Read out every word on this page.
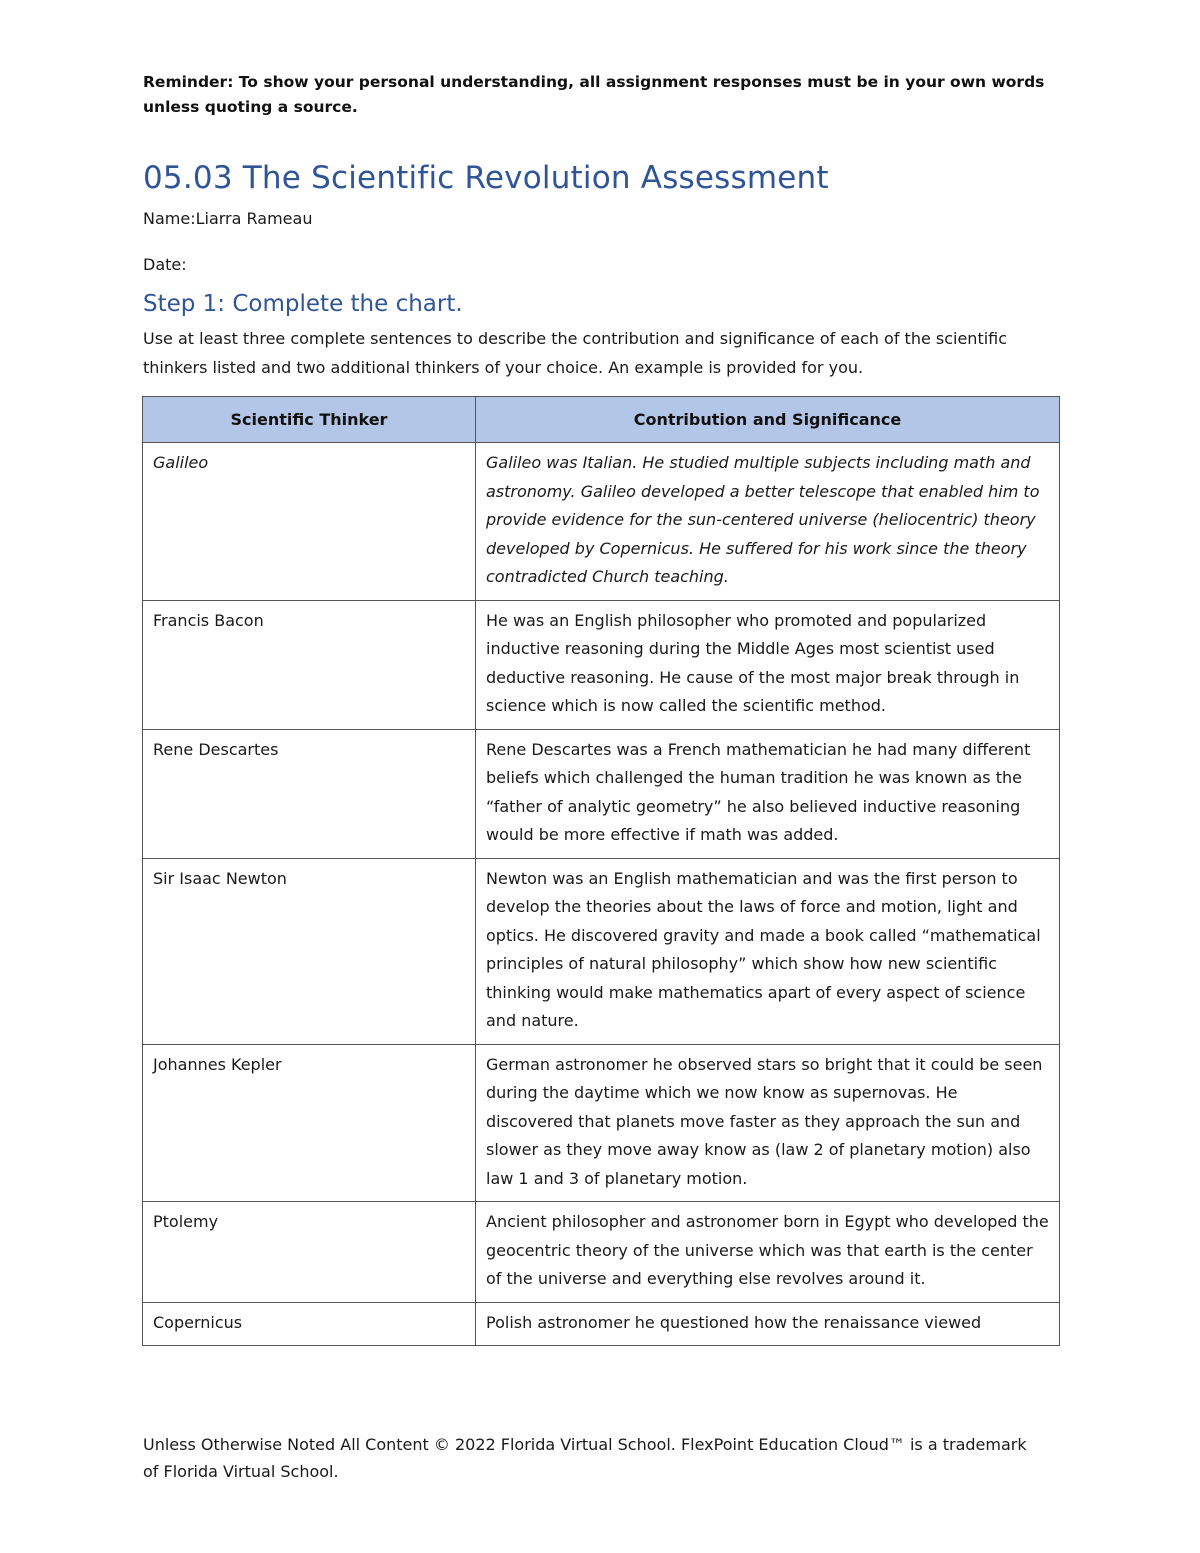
Reminder: To show your personal understanding, all assignment responses must be in your own words unless quoting a source.
05.03 The Scientific Revolution Assessment
Name:Liarra Rameau
Date:
Step 1: Complete the chart.
Use at least three complete sentences to describe the contribution and significance of each of the scientific thinkers listed and two additional thinkers of your choice. An example is provided for you.
Scientific Thinker	Contribution and Significance
Galileo	Galileo was Italian. He studied multiple subjects including math and astronomy. Galileo developed a better telescope that enabled him to provide evidence for the sun-centered universe (heliocentric) theory developed by Copernicus. He suffered for his work since the theory contradicted Church teaching.
Francis Bacon	He was an English philosopher who promoted and popularized inductive reasoning during the Middle Ages most scientist used deductive reasoning. He cause of the most major break through in science which is now called the scientific method.
Rene Descartes	Rene Descartes was a French mathematician he had many different beliefs which challenged the human tradition he was known as the “father of analytic geometry” he also believed inductive reasoning would be more effective if math was added.
Sir Isaac Newton	Newton was an English mathematician and was the first person to develop the theories about the laws of force and motion, light and optics. He discovered gravity and made a book called “mathematical principles of natural philosophy” which show how new scientific thinking would make mathematics apart of every aspect of science and nature.
Johannes Kepler	German astronomer he observed stars so bright that it could be seen during the daytime which we now know as supernovas. He discovered that planets move faster as they approach the sun and slower as they move away know as (law 2 of planetary motion) also law 1 and 3 of planetary motion.
Ptolemy	Ancient philosopher and astronomer born in Egypt who developed the geocentric theory of the universe which was that earth is the center of the universe and everything else revolves around it.
Copernicus	Polish astronomer he questioned how the renaissance viewed
Unless Otherwise Noted All Content © 2022 Florida Virtual School. FlexPoint Education Cloud™ is a trademark of Florida Virtual School.
